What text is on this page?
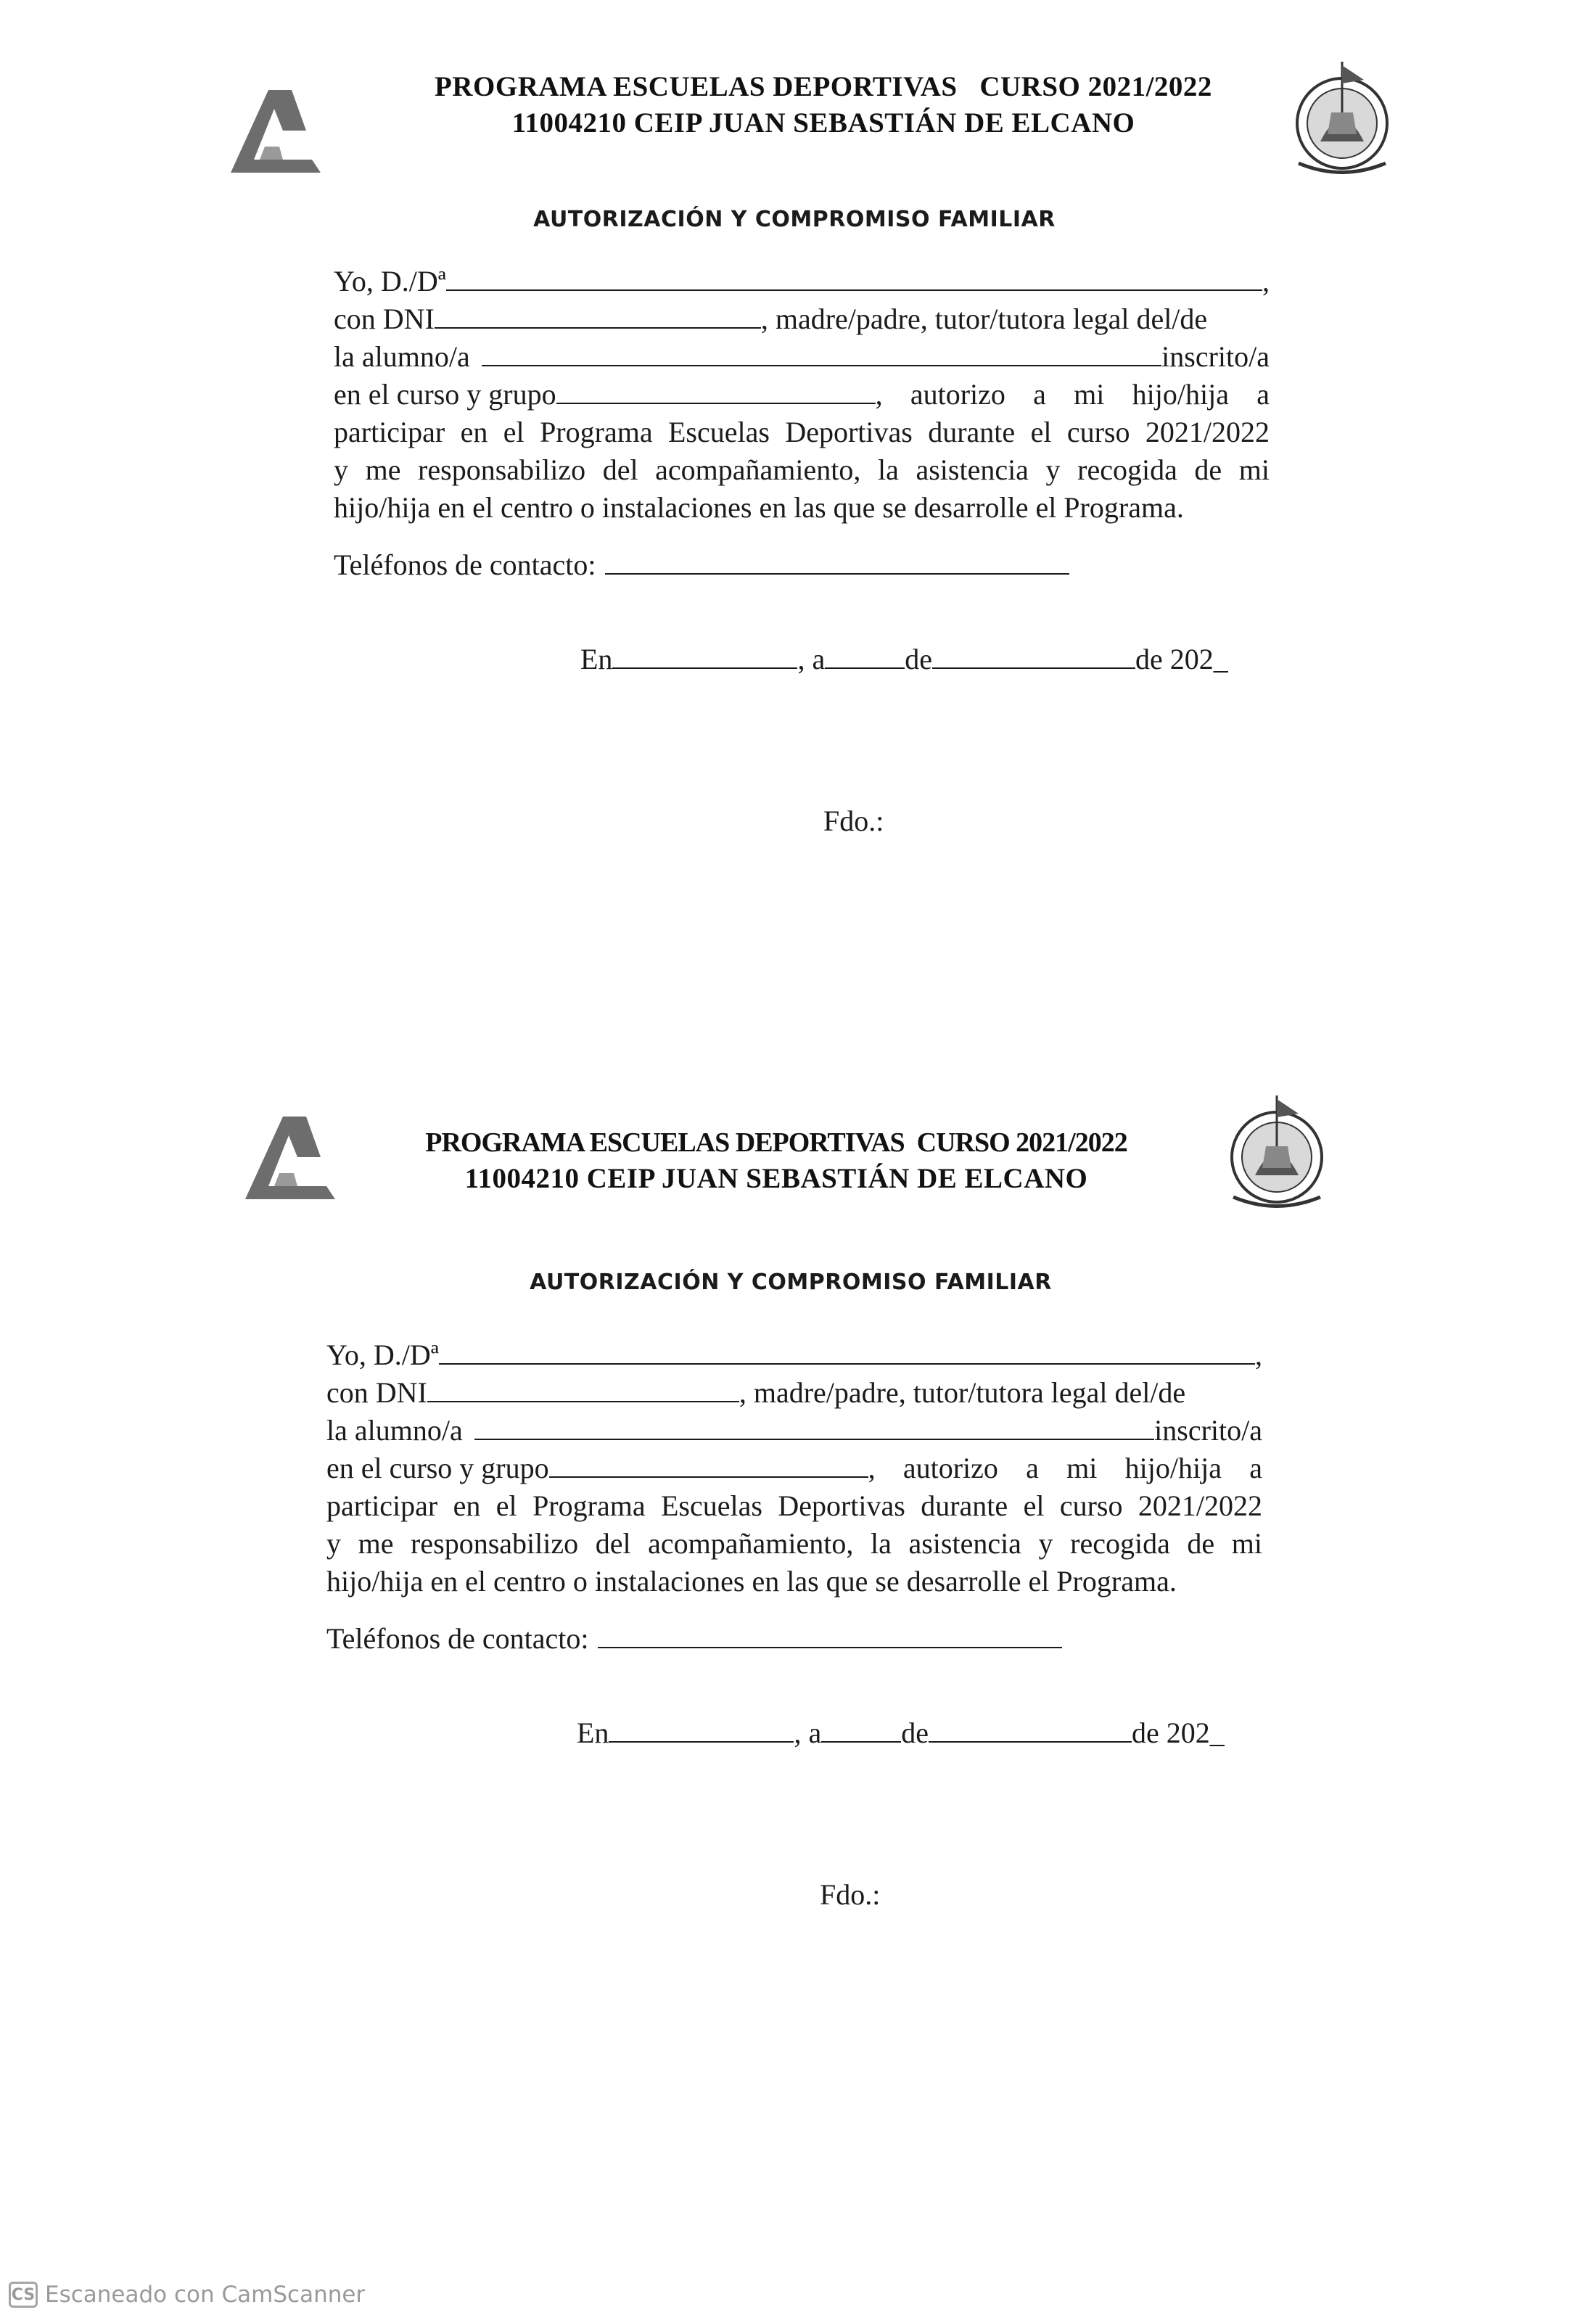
PROGRAMA ESCUELAS DEPORTIVAS   CURSO 2021/2022
11004210 CEIP JUAN SEBASTIÁN DE ELCANO
AUTORIZACIÓN Y COMPROMISO FAMILIAR
Yo, D./Dª	,
con DNI	, madre/padre, tutor/tutora legal del/de
la alumno/a	inscrito/a
en el curso y grupo	, autorizo a mi hijo/hija a
participar en el Programa Escuelas Deportivas durante el curso 2021/2022
y me responsabilizo del acompañamiento, la asistencia y recogida de mi
hijo/hija en el centro o instalaciones en las que se desarrolle el Programa.
Teléfonos de contacto:
En	, a	de	de 202_
Fdo.:
PROGRAMA ESCUELAS DEPORTIVAS  CURSO 2021/2022
11004210 CEIP JUAN SEBASTIÁN DE ELCANO
AUTORIZACIÓN Y COMPROMISO FAMILIAR
Yo, D./Dª	,
con DNI	, madre/padre, tutor/tutora legal del/de
la alumno/a	inscrito/a
en el curso y grupo	, autorizo a mi hijo/hija a
participar en el Programa Escuelas Deportivas durante el curso 2021/2022
y me responsabilizo del acompañamiento, la asistencia y recogida de mi
hijo/hija en el centro o instalaciones en las que se desarrolle el Programa.
Teléfonos de contacto:
En	, a	de	de 202_
Fdo.:
CS Escaneado con CamScanner
